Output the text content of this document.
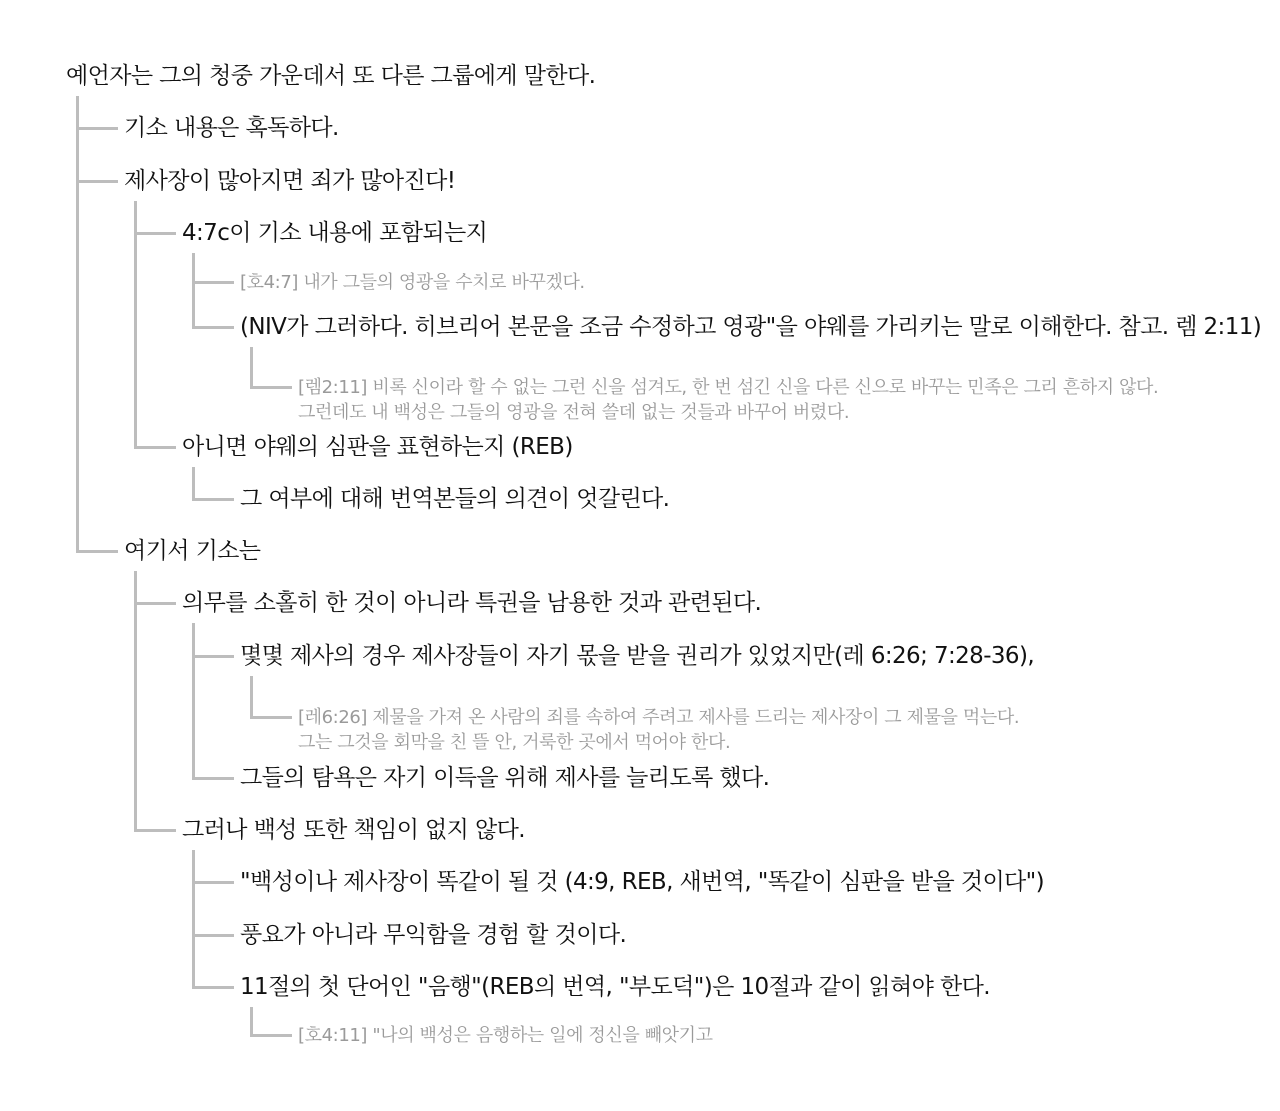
예언자는 그의 청중 가운데서 또 다른 그룹에게 말한다.
기소 내용은 혹독하다.
제사장이 많아지면 죄가 많아진다!
4:7c이 기소 내용에 포함되는지
[호4:7] 내가 그들의 영광을 수치로 바꾸겠다.
(NIV가 그러하다. 히브리어 본문을 조금 수정하고 영광"을 야웨를 가리키는 말로 이해한다. 참고. 렘 2:11)
[렘2:11] 비록 신이라 할 수 없는 그런 신을 섬겨도, 한 번 섬긴 신을 다른 신으로 바꾸는 민족은 그리 흔하지 않다.
그런데도 내 백성은 그들의 영광을 전혀 쓸데 없는 것들과 바꾸어 버렸다.
아니면 야웨의 심판을 표현하는지 (REB)
그 여부에 대해 번역본들의 의견이 엇갈린다.
여기서 기소는
의무를 소홀히 한 것이 아니라 특권을 남용한 것과 관련된다.
몇몇 제사의 경우 제사장들이 자기 몫을 받을 권리가 있었지만(레 6:26; 7:28-36),
[레6:26] 제물을 가져 온 사람의 죄를 속하여 주려고 제사를 드리는 제사장이 그 제물을 먹는다.
그는 그것을 회막을 친 뜰 안, 거룩한 곳에서 먹어야 한다.
그들의 탐욕은 자기 이득을 위해 제사를 늘리도록 했다.
그러나 백성 또한 책임이 없지 않다.
"백성이나 제사장이 똑같이 될 것 (4:9, REB, 새번역, "똑같이 심판을 받을 것이다")
풍요가 아니라 무익함을 경험 할 것이다.
11절의 첫 단어인 "음행"(REB의 번역, "부도덕")은 10절과 같이 읽혀야 한다.
[호4:11] "나의 백성은 음행하는 일에 정신을 빼앗기고
